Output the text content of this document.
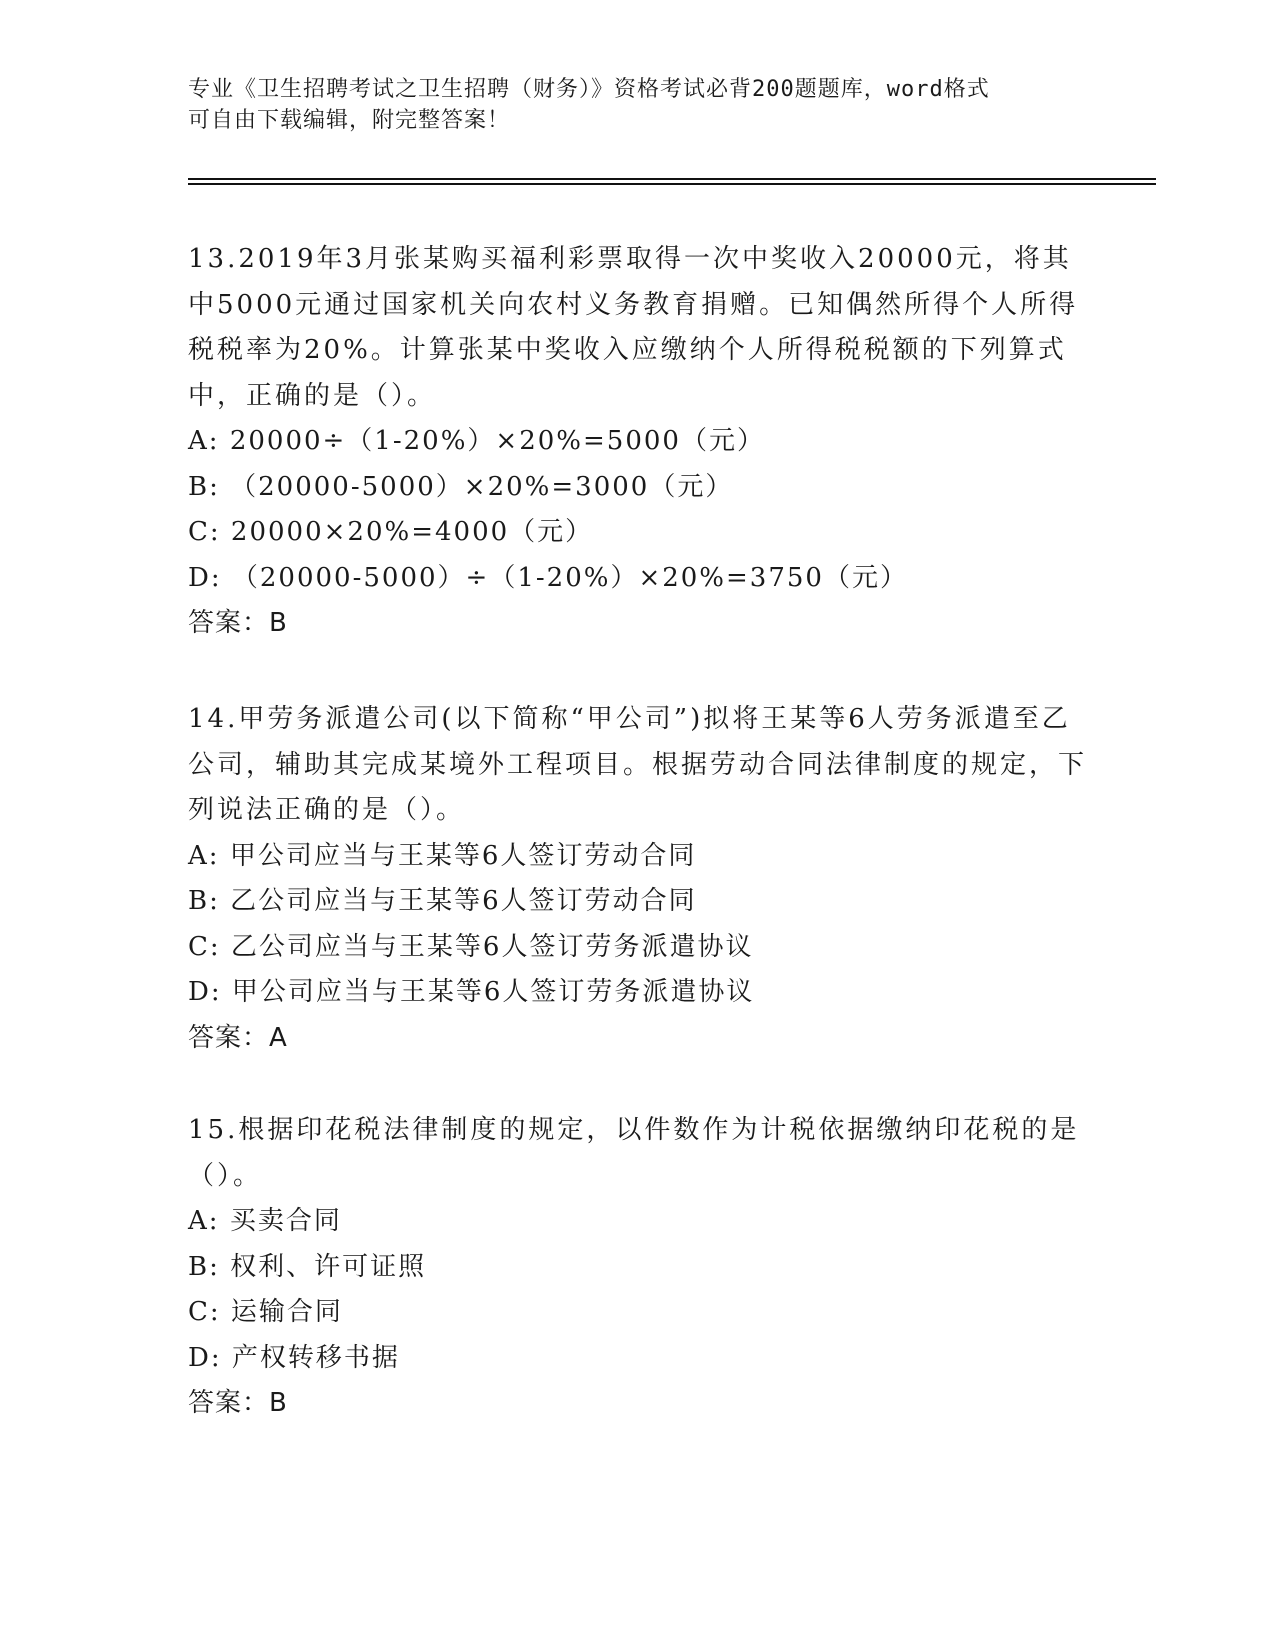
专业《卫生招聘考试之卫生招聘（财务）》资格考试必背200题题库，word格式
可自由下载编辑，附完整答案！
13.2019年3月张某购买福利彩票取得一次中奖收入20000元，将其中5000元通过国家机关向农村义务教育捐赠。已知偶然所得个人所得税税率为20%。计算张某中奖收入应缴纳个人所得税税额的下列算式中，正确的是（）。
A: 20000÷（1-20%）×20%=5000（元）
B: （20000-5000）×20%=3000（元）
C: 20000×20%=4000（元）
D: （20000-5000）÷（1-20%）×20%=3750（元）
答案：B
14.甲劳务派遣公司(以下简称“甲公司”)拟将王某等6人劳务派遣至乙公司，辅助其完成某境外工程项目。根据劳动合同法律制度的规定，下列说法正确的是（）。
A: 甲公司应当与王某等6人签订劳动合同
B: 乙公司应当与王某等6人签订劳动合同
C: 乙公司应当与王某等6人签订劳务派遣协议
D: 甲公司应当与王某等6人签订劳务派遣协议
答案：A
15.根据印花税法律制度的规定，以件数作为计税依据缴纳印花税的是（）。
A: 买卖合同
B: 权利、许可证照
C: 运输合同
D: 产权转移书据
答案：B
